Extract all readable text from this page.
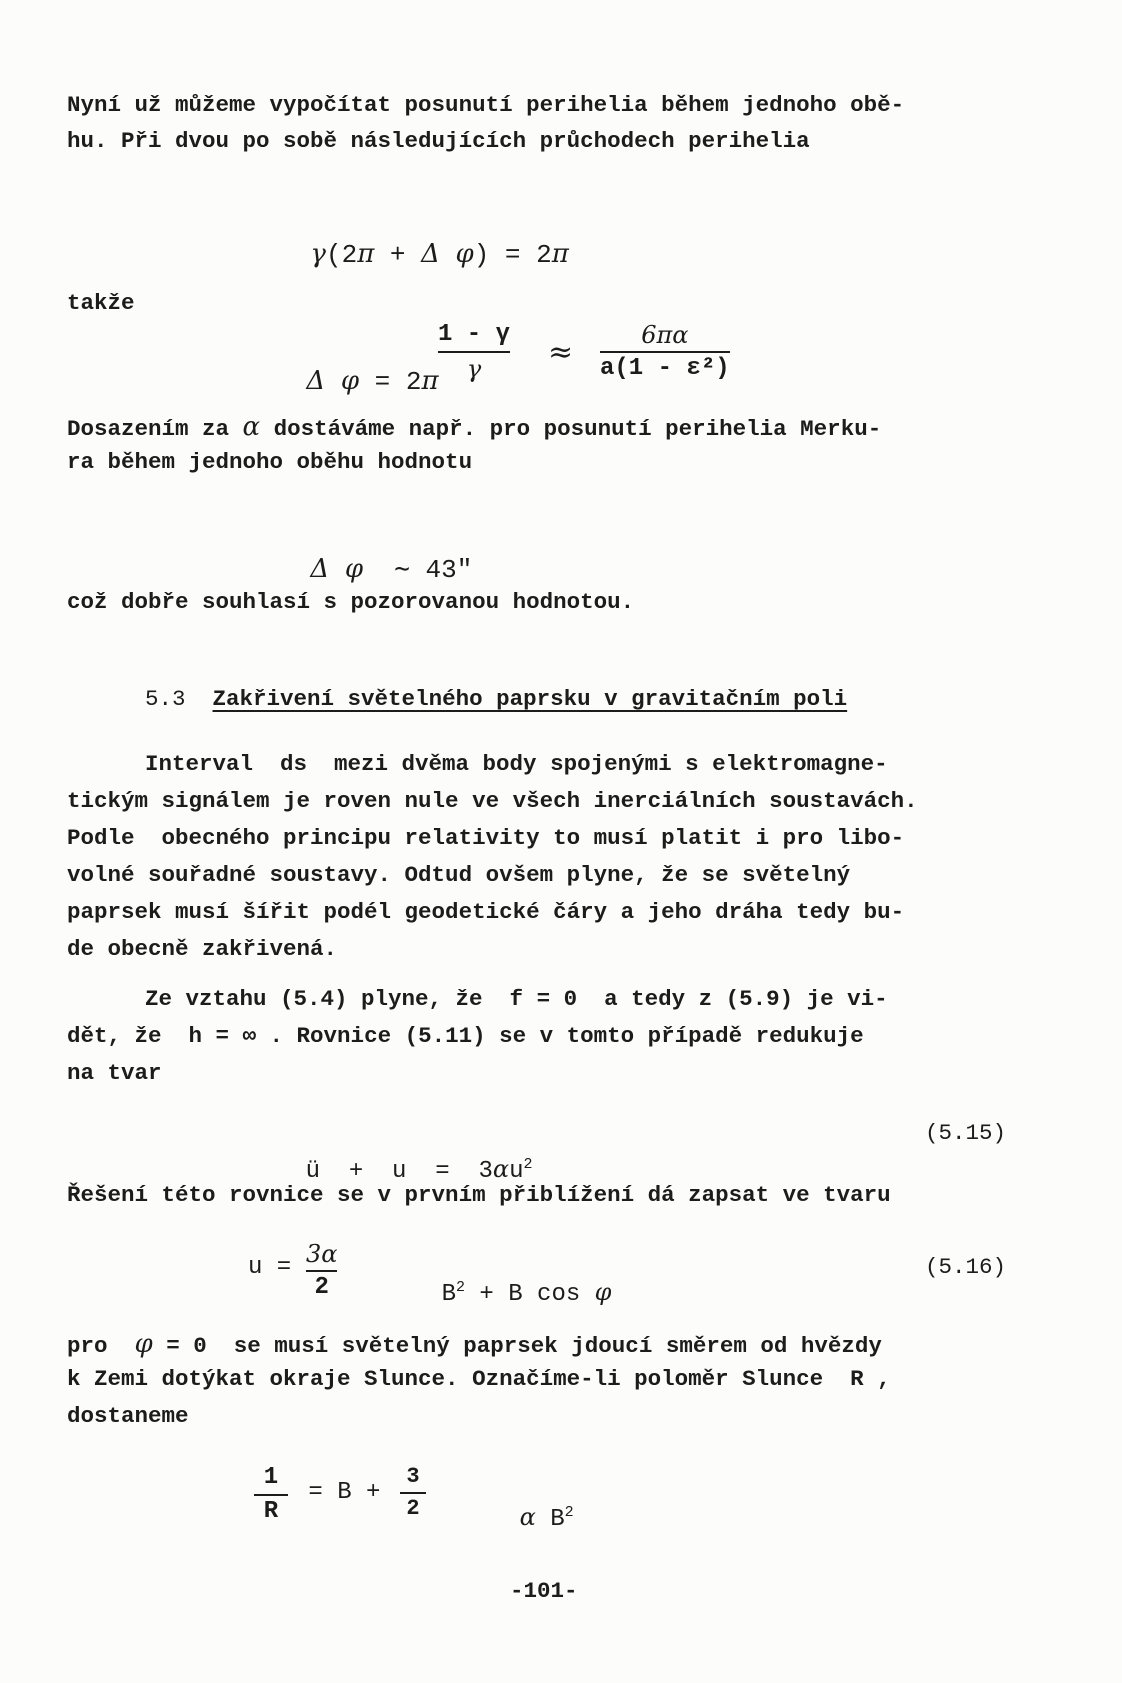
Nyní už můžeme vypočítat posunutí perihelia během jednoho obě-
hu. Při dvou po sobě následujících průchodech perihelia

γ(2π + Δ φ) = 2π

takže

Δ φ = 2π

1 - γ
γ ≈	6πα
a(1 - ε²)
Dosazením za α dostáváme např. pro posunutí perihelia Merku-
ra během jednoho oběhu hodnotu

Δ φ ∼ 43"

což dobře souhlasí s pozorovanou hodnotou.
5.3 Zakřivení světelného paprsku v gravitačním poli
Interval  ds  mezi dvěma body spojenými s elektromagne-
tickým signálem je roven nule ve všech inerciálních soustavách.
Podle  obecného principu relativity to musí platit i pro libo-
volné souřadné soustavy. Odtud ovšem plyne, že se světelný
paprsek musí šířit podél geodetické čáry a jeho dráha tedy bu-
de obecně zakřivená.
Ze vztahu (5.4) plyne, že  f = 0  a tedy z (5.9) je vi-
dět, že  h = ∞ . Rovnice (5.11) se v tomto případě redukuje
na tvar

ü  +  $u = 3\alpha u^2$

(5.15)
Řešení této rovnice se v prvním přiblížení dá zapsat ve tvaru
u = 3α
2	$B^2 + B$ cos φ

(5.16)
pro  φ = 0  se musí světelný paprsek jdoucí směrem od hvězdy
k Zemi dotýkat okraje Slunce. Označíme-li poloměr Slunce  R ,
dostaneme
1
R
= B +
3
2	α $B^2$

-101-
